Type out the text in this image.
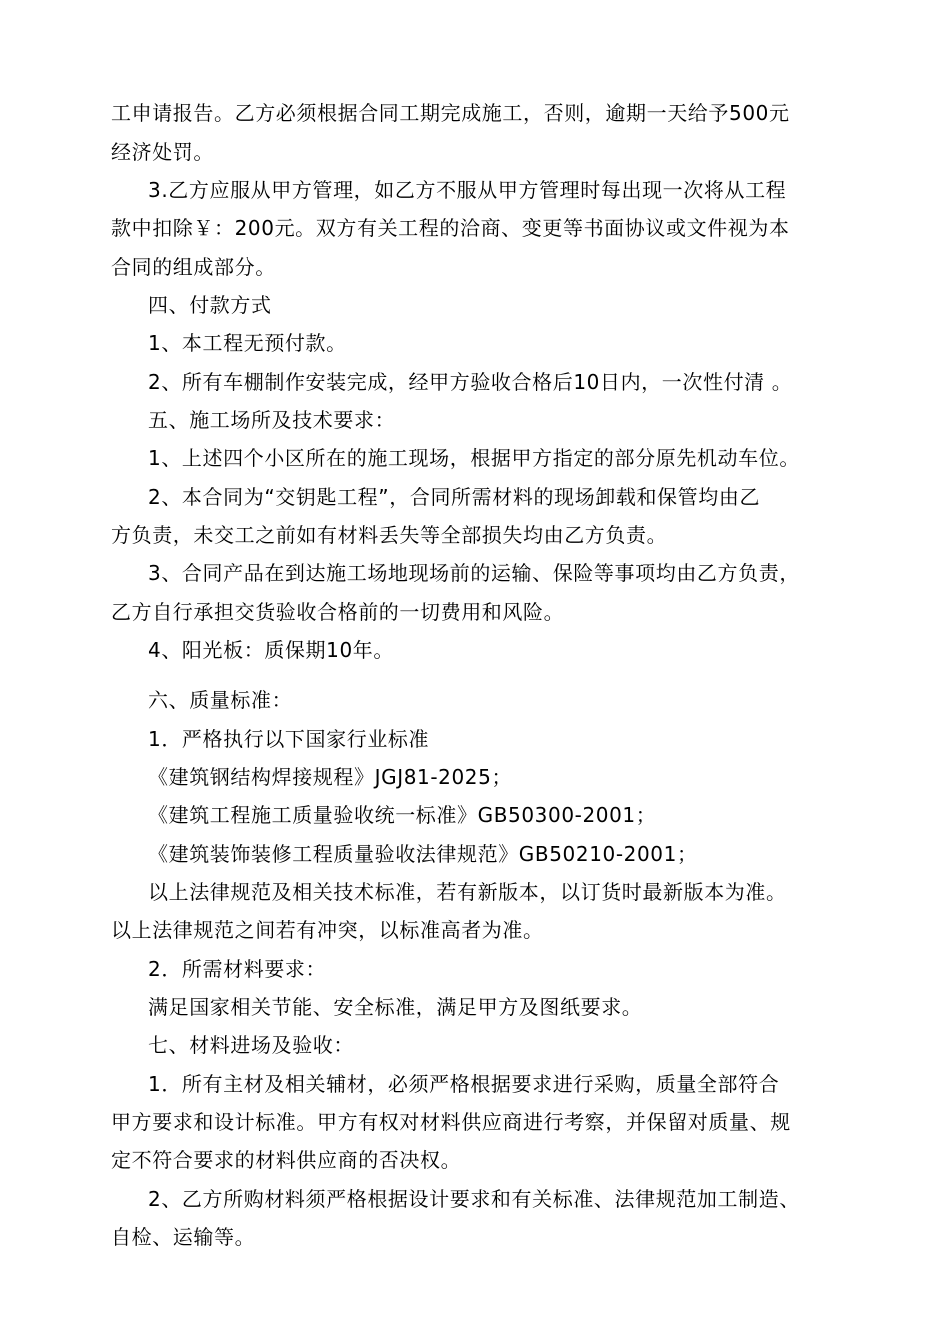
工申请报告。乙方必须根据合同工期完成施工，否则，逾期一天给予500元
经济处罚。
3.乙方应服从甲方管理，如乙方不服从甲方管理时每出现一次将从工程
款中扣除￥：200元。双方有关工程的洽商、变更等书面协议或文件视为本
合同的组成部分。
四、付款方式
1、本工程无预付款。
2、所有车棚制作安装完成，经甲方验收合格后10日内，一次性付清 。
五、施工场所及技术要求：
1、上述四个小区所在的施工现场，根据甲方指定的部分原先机动车位。
2、本合同为“交钥匙工程”，合同所需材料的现场卸载和保管均由乙
方负责，未交工之前如有材料丢失等全部损失均由乙方负责。
3、合同产品在到达施工场地现场前的运输、保险等事项均由乙方负责，
乙方自行承担交货验收合格前的一切费用和风险。
4、阳光板：质保期10年。
六、质量标准：
1．严格执行以下国家行业标准
《建筑钢结构焊接规程》JGJ81-2025；
《建筑工程施工质量验收统一标准》GB50300-2001；
《建筑装饰装修工程质量验收法律规范》GB50210-2001；
以上法律规范及相关技术标准，若有新版本，以订货时最新版本为准。
以上法律规范之间若有冲突，以标准高者为准。
2．所需材料要求：
满足国家相关节能、安全标准，满足甲方及图纸要求。
七、材料进场及验收：
1．所有主材及相关辅材，必须严格根据要求进行采购，质量全部符合
甲方要求和设计标准。甲方有权对材料供应商进行考察，并保留对质量、规
定不符合要求的材料供应商的否决权。
2、乙方所购材料须严格根据设计要求和有关标准、法律规范加工制造、
自检、运输等。
